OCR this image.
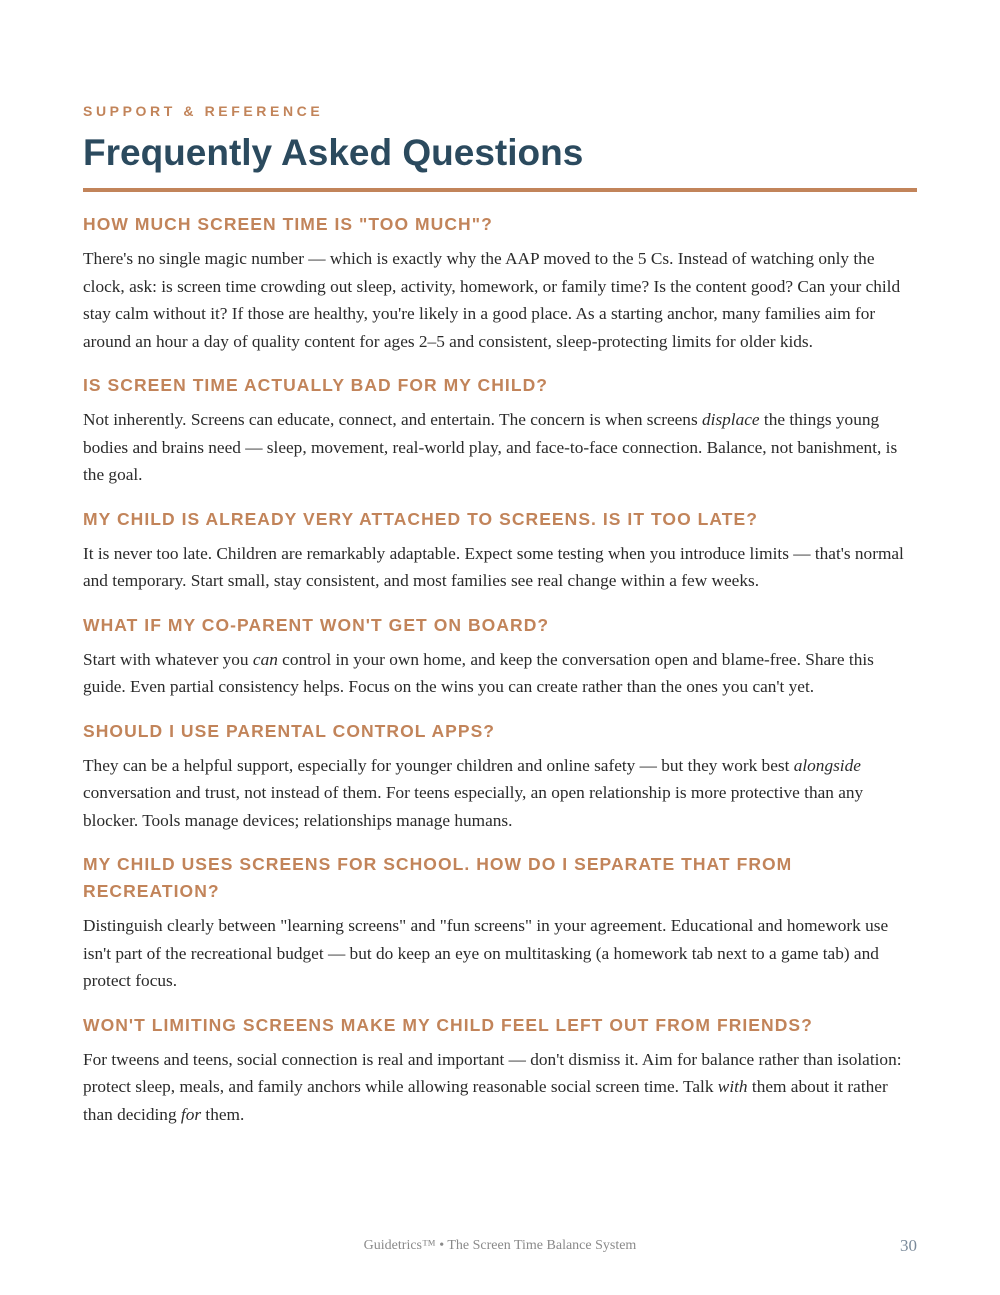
SUPPORT & REFERENCE
Frequently Asked Questions
HOW MUCH SCREEN TIME IS "TOO MUCH"?

There's no single magic number — which is exactly why the AAP moved to the 5 Cs. Instead of watching only the clock, ask: is screen time crowding out sleep, activity, homework, or family time? Is the content good? Can your child stay calm without it? If those are healthy, you're likely in a good place. As a starting anchor, many families aim for around an hour a day of quality content for ages 2–5 and consistent, sleep-protecting limits for older kids.

IS SCREEN TIME ACTUALLY BAD FOR MY CHILD?

Not inherently. Screens can educate, connect, and entertain. The concern is when screens displace the things young bodies and brains need — sleep, movement, real-world play, and face-to-face connection. Balance, not banishment, is the goal.

MY CHILD IS ALREADY VERY ATTACHED TO SCREENS. IS IT TOO LATE?

It is never too late. Children are remarkably adaptable. Expect some testing when you introduce limits — that's normal and temporary. Start small, stay consistent, and most families see real change within a few weeks.

WHAT IF MY CO-PARENT WON'T GET ON BOARD?

Start with whatever you can control in your own home, and keep the conversation open and blame-free. Share this guide. Even partial consistency helps. Focus on the wins you can create rather than the ones you can't yet.

SHOULD I USE PARENTAL CONTROL APPS?

They can be a helpful support, especially for younger children and online safety — but they work best alongside conversation and trust, not instead of them. For teens especially, an open relationship is more protective than any blocker. Tools manage devices; relationships manage humans.

MY CHILD USES SCREENS FOR SCHOOL. HOW DO I SEPARATE THAT FROM RECREATION?

Distinguish clearly between "learning screens" and "fun screens" in your agreement. Educational and homework use isn't part of the recreational budget — but do keep an eye on multitasking (a homework tab next to a game tab) and protect focus.

WON'T LIMITING SCREENS MAKE MY CHILD FEEL LEFT OUT FROM FRIENDS?

For tweens and teens, social connection is real and important — don't dismiss it. Aim for balance rather than isolation: protect sleep, meals, and family anchors while allowing reasonable social screen time. Talk with them about it rather than deciding for them.

Guidetrics™ • The Screen Time Balance System	30
